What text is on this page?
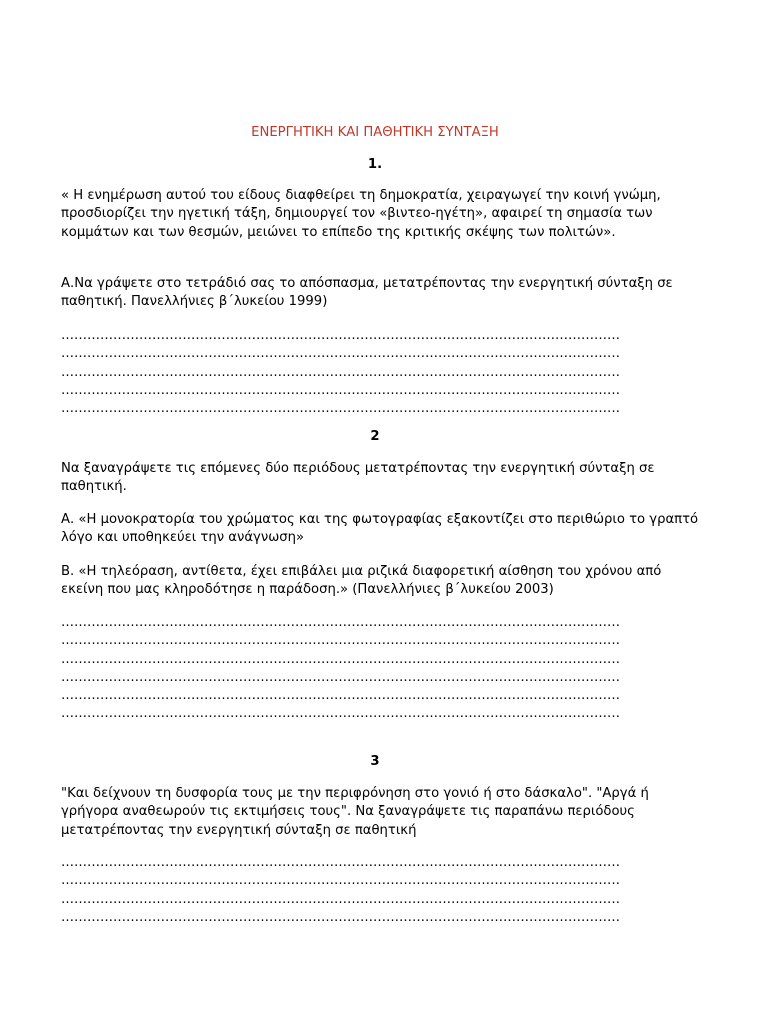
ΕΝΕΡΓΗΤΙΚΗ ΚΑΙ ΠΑΘΗΤΙΚΗ ΣΥΝΤΑΞΗ
1.

« Η ενημέρωση αυτού του είδους διαφθείρει τη δημοκρατία, χειραγωγεί την κοινή γνώμη, προσδιορίζει την ηγετική τάξη, δημιουργεί τον «βιντεο-ηγέτη», αφαιρεί τη σημασία των κομμάτων και των θεσμών, μειώνει το επίπεδο της κριτικής σκέψης των πολιτών».

Α.Να γράψετε στο τετράδιό σας το απόσπασμα, μετατρέποντας την ενεργητική σύνταξη σε παθητική. Πανελλήνιες β΄λυκείου 1999)

…………………………………………………………………………………………………………………
…………………………………………………………………………………………………………………
…………………………………………………………………………………………………………………
…………………………………………………………………………………………………………………
…………………………………………………………………………………………………………………
2

Να ξαναγράψετε τις επόμενες δύο περιόδους μετατρέποντας την ενεργητική σύνταξη σε παθητική.

Α. «Η μονοκρατορία του χρώματος και της φωτογραφίας εξακοντίζει στο περιθώριο το γραπτό λόγο και υποθηκεύει την ανάγνωση»

Β. «Η τηλεόραση, αντίθετα, έχει επιβάλει μια ριζικά διαφορετική αίσθηση του χρόνου από εκείνη που μας κληροδότησε η παράδοση.» (Πανελλήνιες β΄λυκείου 2003)

…………………………………………………………………………………………………………………
…………………………………………………………………………………………………………………
…………………………………………………………………………………………………………………
…………………………………………………………………………………………………………………
…………………………………………………………………………………………………………………
…………………………………………………………………………………………………………………
3

"Και δείχνουν τη δυσφορία τους με την περιφρόνηση στο γονιό ή στο δάσκαλο". "Αργά ή γρήγορα αναθεωρούν τις εκτιμήσεις τους". Να ξαναγράψετε τις παραπάνω περιόδους μετατρέποντας την ενεργητική σύνταξη σε παθητική

…………………………………………………………………………………………………………………
…………………………………………………………………………………………………………………
…………………………………………………………………………………………………………………
…………………………………………………………………………………………………………………
